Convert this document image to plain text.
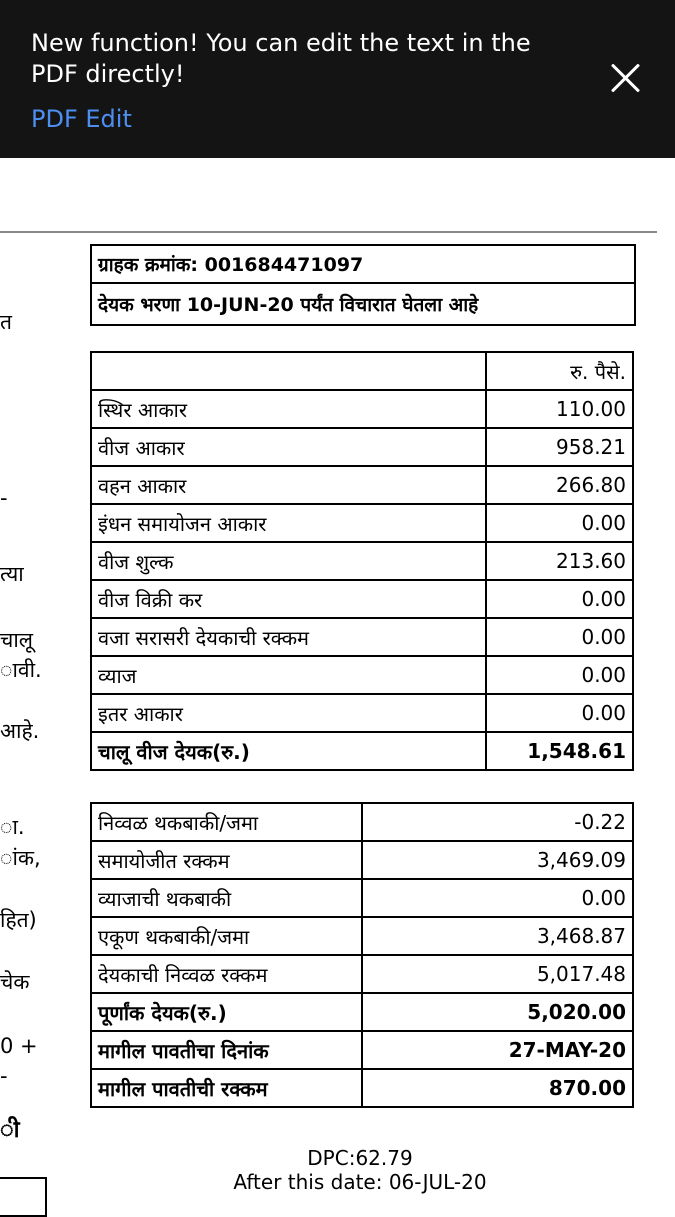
New function! You can edit the text in the PDF directly!
PDF Edit
त
-
त्या
चालू
ावी.
आहे.
ा.
ांक,
हित)
चेक
0 +
-
ी
ग्राहक क्रमांक: 001684471097
देयक भरणा 10-JUN-20 पर्यंत विचारात घेतला आहे
	रु. पैसे.
स्थिर आकार	110.00
वीज आकार	958.21
वहन आकार	266.80
इंधन समायोजन आकार	0.00
वीज शुल्क	213.60
वीज विक्री कर	0.00
वजा सरासरी देयकाची रक्कम	0.00
व्याज	0.00
इतर आकार	0.00
चालू वीज देयक(रु.)	1,548.61
निव्वळ थकबाकी/जमा	-0.22
समायोजीत रक्कम	3,469.09
व्याजाची थकबाकी	0.00
एकूण थकबाकी/जमा	3,468.87
देयकाची निव्वळ रक्कम	5,017.48
पूर्णांक देयक(रु.)	5,020.00
मागील पावतीचा दिनांक	27-MAY-20
मागील पावतीची रक्कम	870.00
DPC:62.79
After this date: 06-JUL-20
